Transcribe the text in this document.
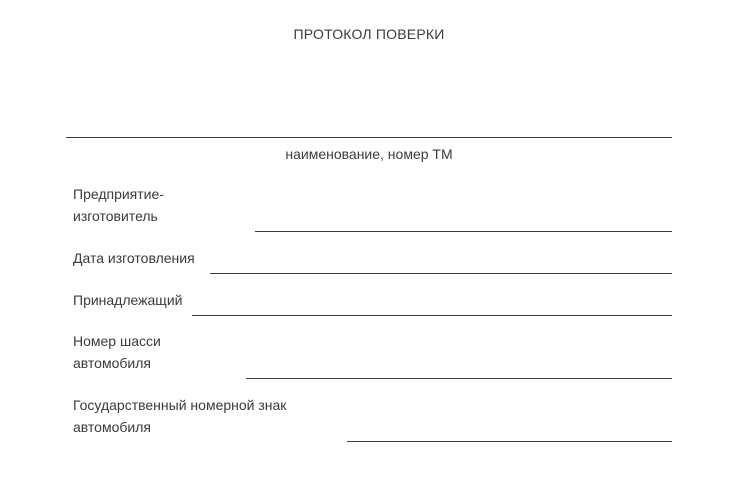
ПРОТОКОЛ ПОВЕРКИ
наименование, номер ТМ
Предприятие-
изготовитель
Дата изготовления
Принадлежащий
Номер шасси
автомобиля
Государственный номерной знак
автомобиля
